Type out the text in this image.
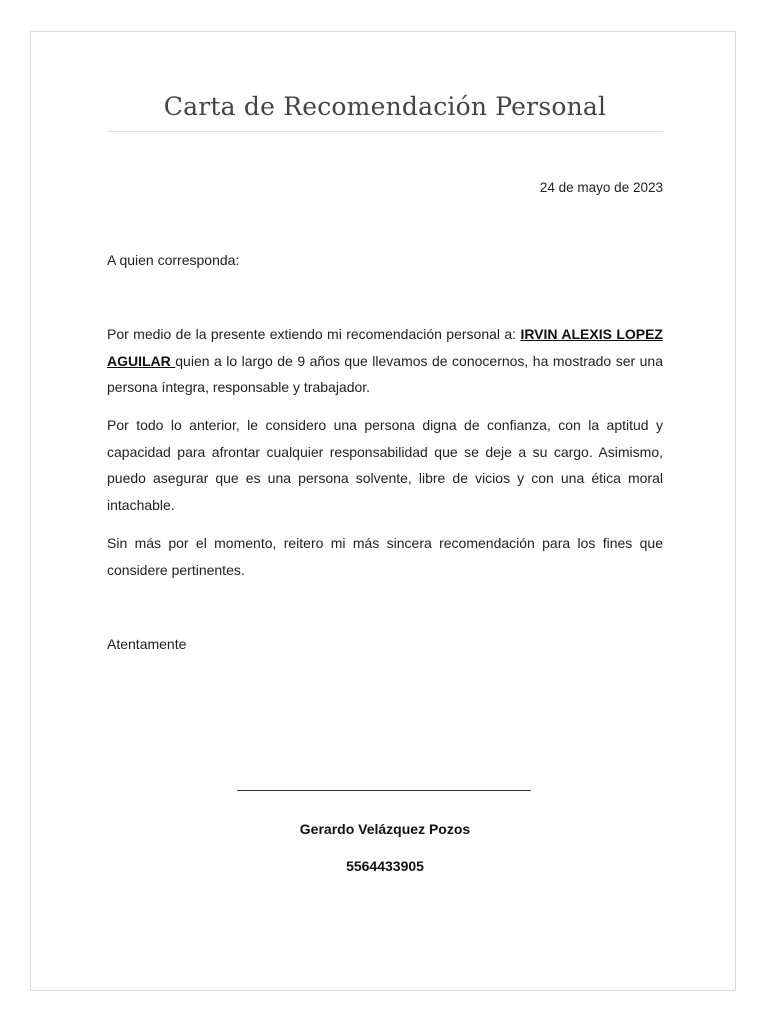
Carta de Recomendación Personal
24 de mayo de 2023
A quien corresponda:
Por medio de la presente extiendo mi recomendación personal a: IRVIN ALEXIS LOPEZ AGUILAR quien a lo largo de 9 años que llevamos de conocernos, ha mostrado ser una persona íntegra, responsable y trabajador.
Por todo lo anterior, le considero una persona digna de confianza, con la aptitud y capacidad para afrontar cualquier responsabilidad que se deje a su cargo. Asimismo, puedo asegurar que es una persona solvente, libre de vicios y con una ética moral intachable.
Sin más por el momento, reitero mi más sincera recomendación para los fines que considere pertinentes.
Atentamente
Gerardo Velázquez Pozos
5564433905
